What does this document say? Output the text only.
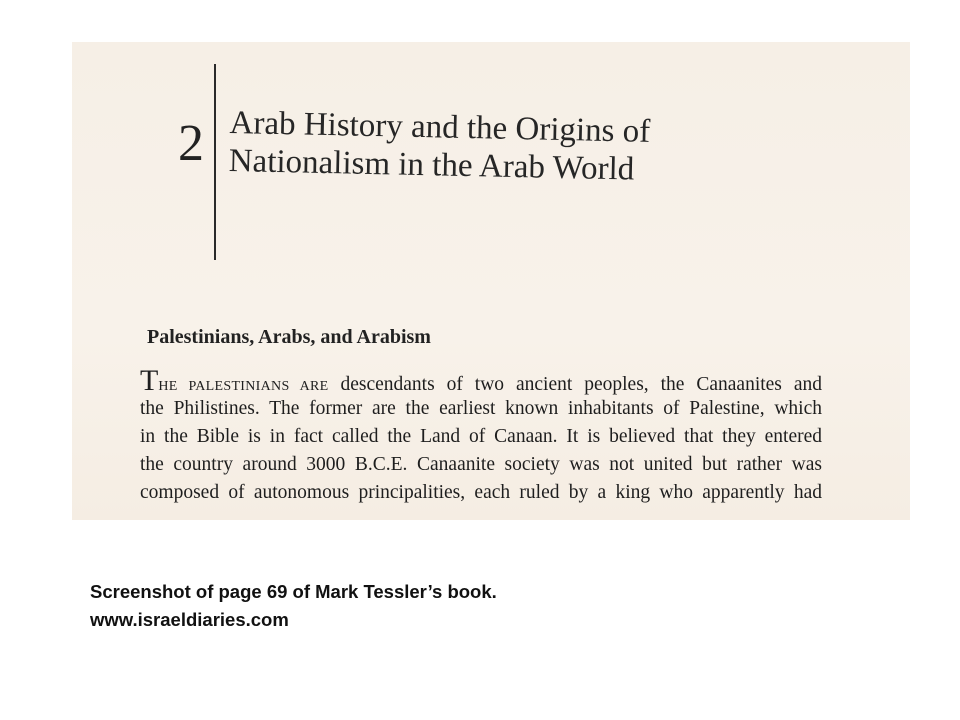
2 Arab History and the Origins of
Nationalism in the Arab World
Palestinians, Arabs, and Arabism
THE PALESTINIANS ARE descendants of two ancient peoples, the Canaanites and
the Philistines. The former are the earliest known inhabitants of Palestine, which
in the Bible is in fact called the Land of Canaan. It is believed that they entered
the country around 3000 B.C.E. Canaanite society was not united but rather was
composed of autonomous principalities, each ruled by a king who apparently had
Screenshot of page 69 of Mark Tessler’s book.
www.israeldiaries.com
